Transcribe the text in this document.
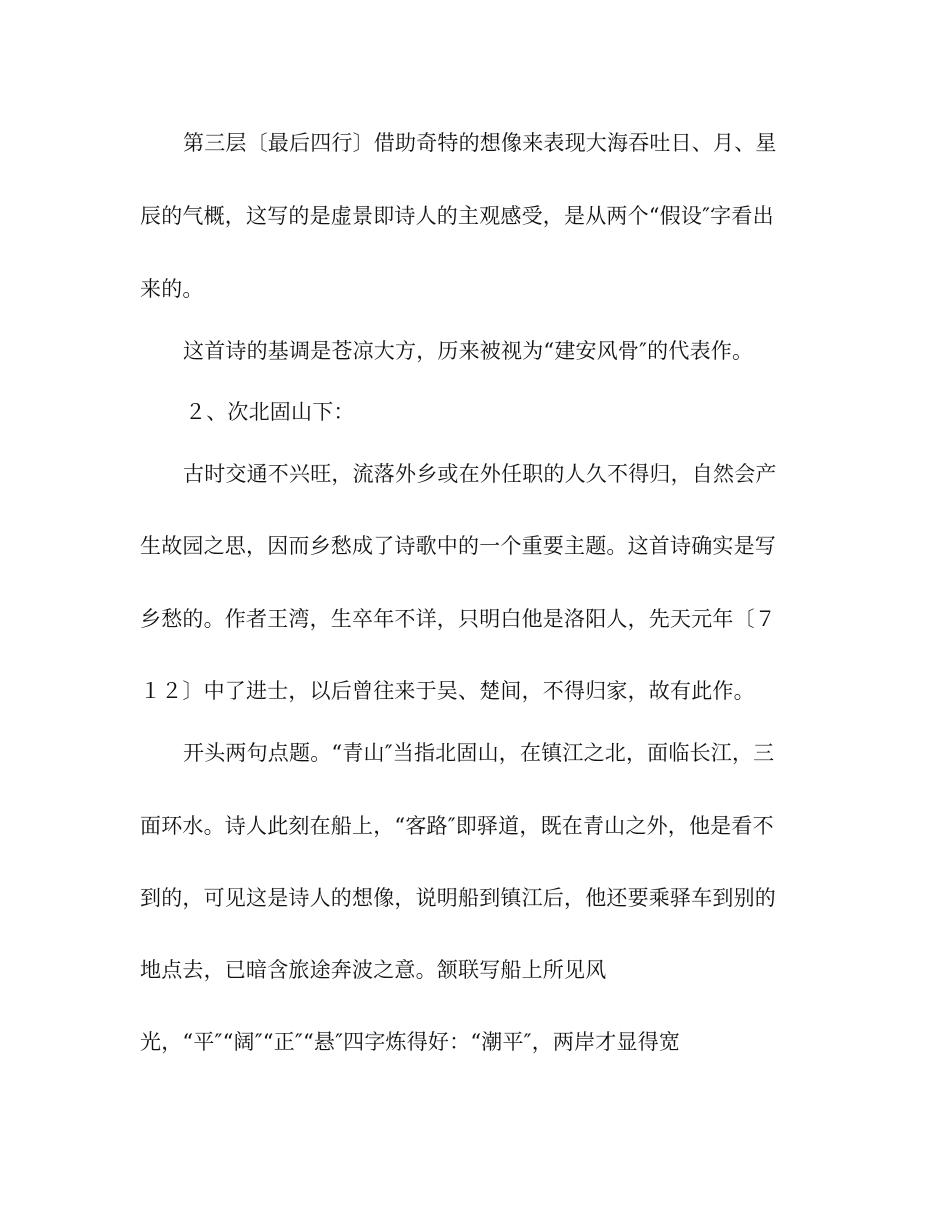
第三层〔最后四行〕借助奇特的想像来表现大海吞吐日、月、星
辰的气概，这写的是虚景即诗人的主观感受，是从两个“假设″字看出
来的。
这首诗的基调是苍凉大方，历来被视为“建安风骨″的代表作。
２、次北固山下：
古时交通不兴旺，流落外乡或在外任职的人久不得归，自然会产
生故园之思，因而乡愁成了诗歌中的一个重要主题。这首诗确实是写
乡愁的。作者王湾，生卒年不详，只明白他是洛阳人，先天元年〔７
１２〕中了进士，以后曾往来于吴、楚间，不得归家，故有此作。
开头两句点题。“青山″当指北固山，在镇江之北，面临长江，三
面环水。诗人此刻在船上，“客路″即驿道，既在青山之外，他是看不
到的，可见这是诗人的想像，说明船到镇江后，他还要乘驿车到别的
地点去，已暗含旅途奔波之意。颔联写船上所见风
光，“平″“阔″“正″“悬″四字炼得好：“潮平″，两岸才显得宽
